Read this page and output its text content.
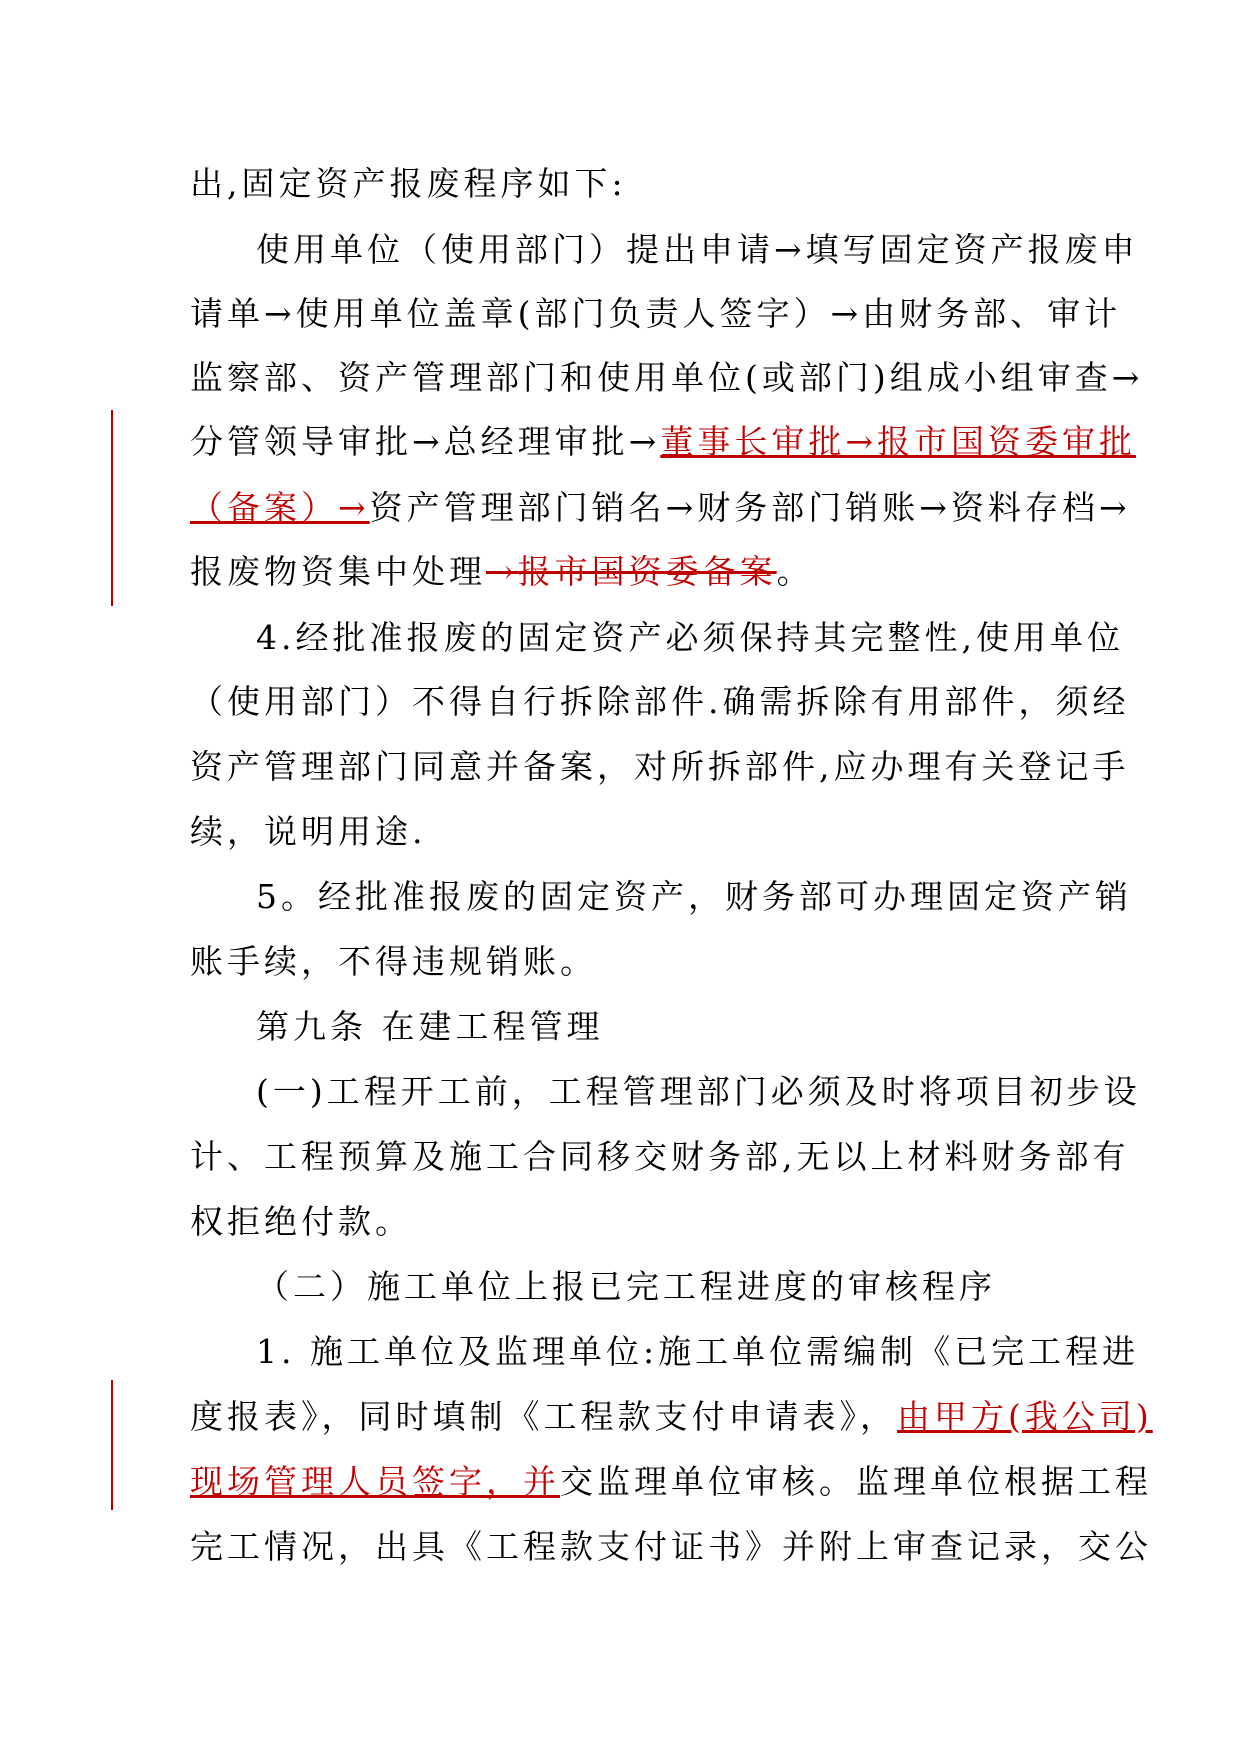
出,固定资产报废程序如下:
使用单位（使用部门）提出申请→填写固定资产报废申
请单→使用单位盖章(部门负责人签字）→由财务部、审计
监察部、资产管理部门和使用单位(或部门)组成小组审查→
分管领导审批→总经理审批→董事长审批→报市国资委审批
（备案）→资产管理部门销名→财务部门销账→资料存档→
报废物资集中处理→报市国资委备案。
4.经批准报废的固定资产必须保持其完整性,使用单位
（使用部门）不得自行拆除部件.确需拆除有用部件，须经
资产管理部门同意并备案，对所拆部件,应办理有关登记手
续，说明用途.
5。经批准报废的固定资产，财务部可办理固定资产销
账手续，不得违规销账。
第九条 在建工程管理
(一)工程开工前，工程管理部门必须及时将项目初步设
计、工程预算及施工合同移交财务部,无以上材料财务部有
权拒绝付款。
（二）施工单位上报已完工程进度的审核程序
1. 施工单位及监理单位:施工单位需编制《已完工程进
度报表》，同时填制《工程款支付申请表》，由甲方(我公司)
现场管理人员签字，并交监理单位审核。监理单位根据工程
完工情况，出具《工程款支付证书》并附上审查记录，交公
